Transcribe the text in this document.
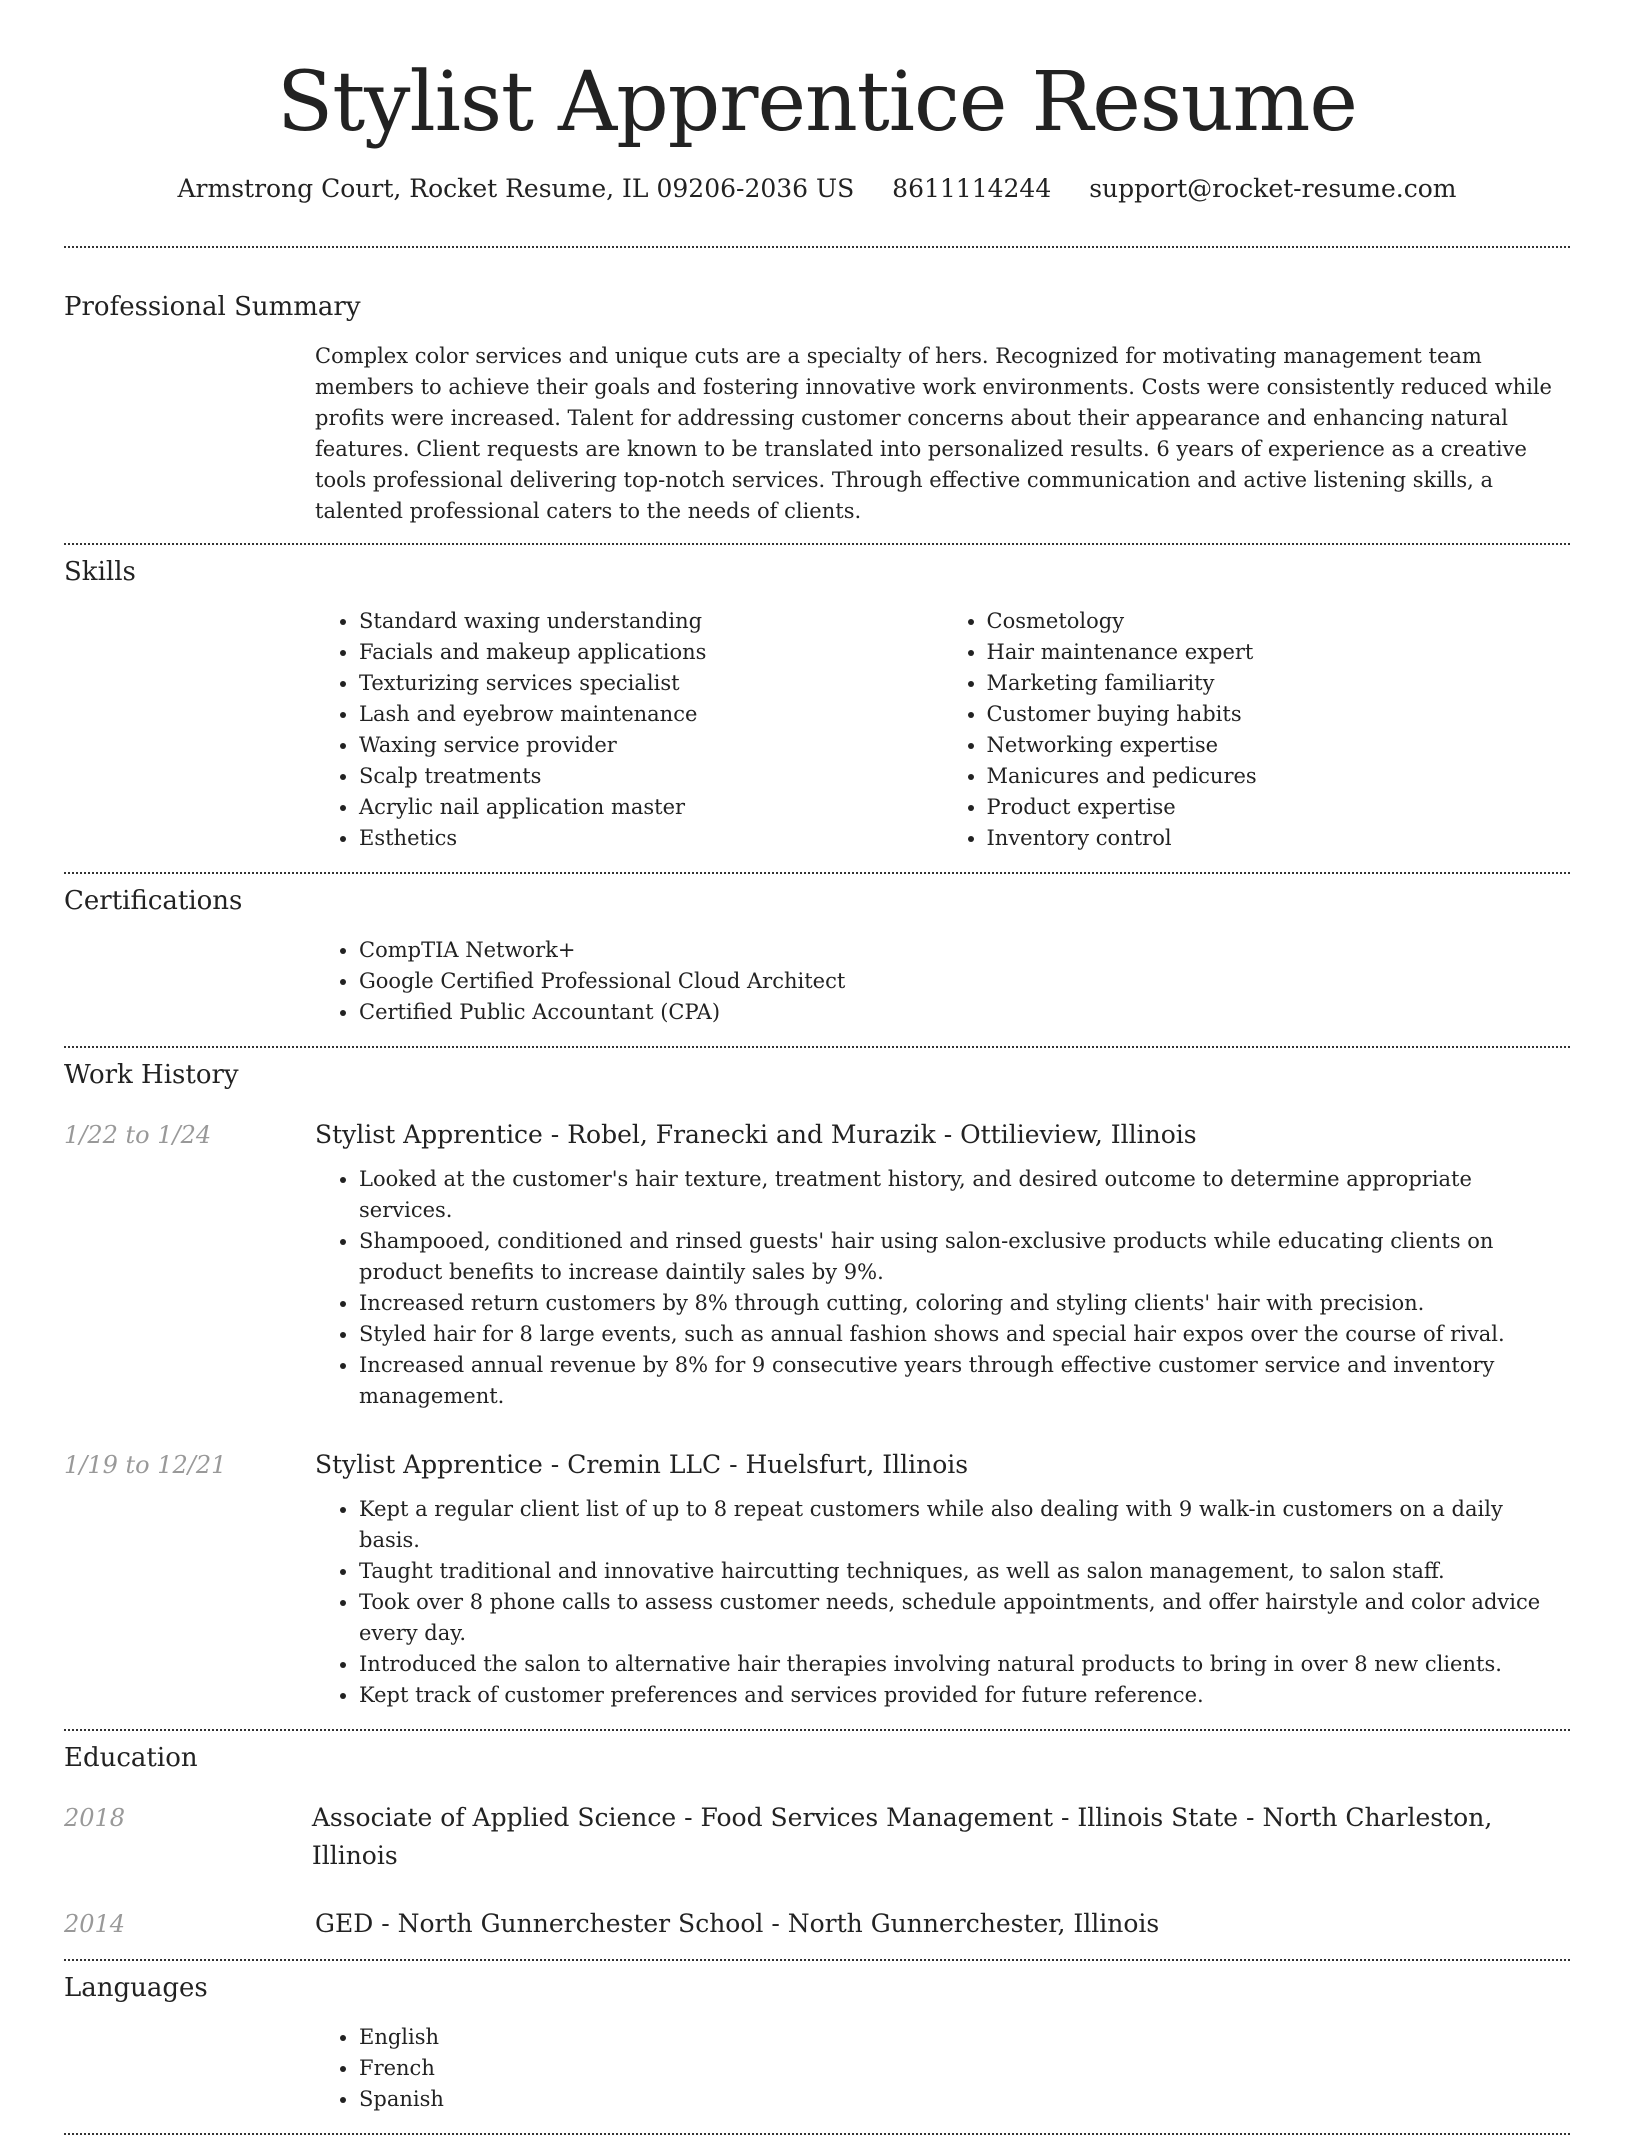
Stylist Apprentice Resume
Armstrong Court, Rocket Resume, IL 09206-2036 US 8611114244 support@rocket-resume.com
Professional Summary
Complex color services and unique cuts are a specialty of hers. Recognized for motivating management team members to achieve their goals and fostering innovative work environments. Costs were consistently reduced while profits were increased. Talent for addressing customer concerns about their appearance and enhancing natural features. Client requests are known to be translated into personalized results. 6 years of experience as a creative tools professional delivering top-notch services. Through effective communication and active listening skills, a talented professional caters to the needs of clients.
Skills
• Standard waxing understanding
• Facials and makeup applications
• Texturizing services specialist
• Lash and eyebrow maintenance
• Waxing service provider
• Scalp treatments
• Acrylic nail application master
• Esthetics
• Cosmetology
• Hair maintenance expert
• Marketing familiarity
• Customer buying habits
• Networking expertise
• Manicures and pedicures
• Product expertise
• Inventory control
Certifications
• CompTIA Network+
• Google Certified Professional Cloud Architect
• Certified Public Accountant (CPA)
Work History
1/22 to 1/24	Stylist Apprentice - Robel, Franecki and Murazik - Ottilieview, Illinois
• Looked at the customer's hair texture, treatment history, and desired outcome to determine appropriate services.
• Shampooed, conditioned and rinsed guests' hair using salon-exclusive products while educating clients on product benefits to increase daintily sales by 9%.
• Increased return customers by 8% through cutting, coloring and styling clients' hair with precision.
• Styled hair for 8 large events, such as annual fashion shows and special hair expos over the course of rival.
• Increased annual revenue by 8% for 9 consecutive years through effective customer service and inventory management.
1/19 to 12/21	Stylist Apprentice - Cremin LLC - Huelsfurt, Illinois
• Kept a regular client list of up to 8 repeat customers while also dealing with 9 walk-in customers on a daily basis.
• Taught traditional and innovative haircutting techniques, as well as salon management, to salon staff.
• Took over 8 phone calls to assess customer needs, schedule appointments, and offer hairstyle and color advice every day.
• Introduced the salon to alternative hair therapies involving natural products to bring in over 8 new clients.
• Kept track of customer preferences and services provided for future reference.
Education
2018	Associate of Applied Science - Food Services Management - Illinois State - North Charleston, Illinois
2014	GED - North Gunnerchester School - North Gunnerchester, Illinois
Languages
• English
• French
• Spanish
